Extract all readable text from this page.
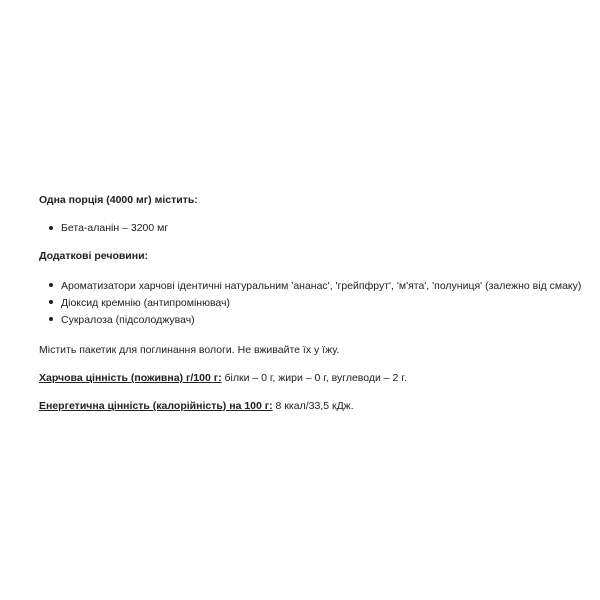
Одна порція (4000 мг) містить:

Бета-аланін – 3200 мг

Додаткові речовини:

Ароматизатори харчові ідентичні натуральним 'ананас', 'грейпфрут', 'м'ята', 'полуниця' (залежно від смаку)
Діоксид кремнію (антипромінювач)
Сукралоза (підсолоджувач)

Містить пакетик для поглинання вологи. Не вживайте їх у їжу.

Харчова цінність (поживна) г/100 г: білки – 0 г, жири – 0 г, вуглеводи – 2 г.

Енергетична цінність (калорійність) на 100 г: 8 ккал/33,5 кДж.
